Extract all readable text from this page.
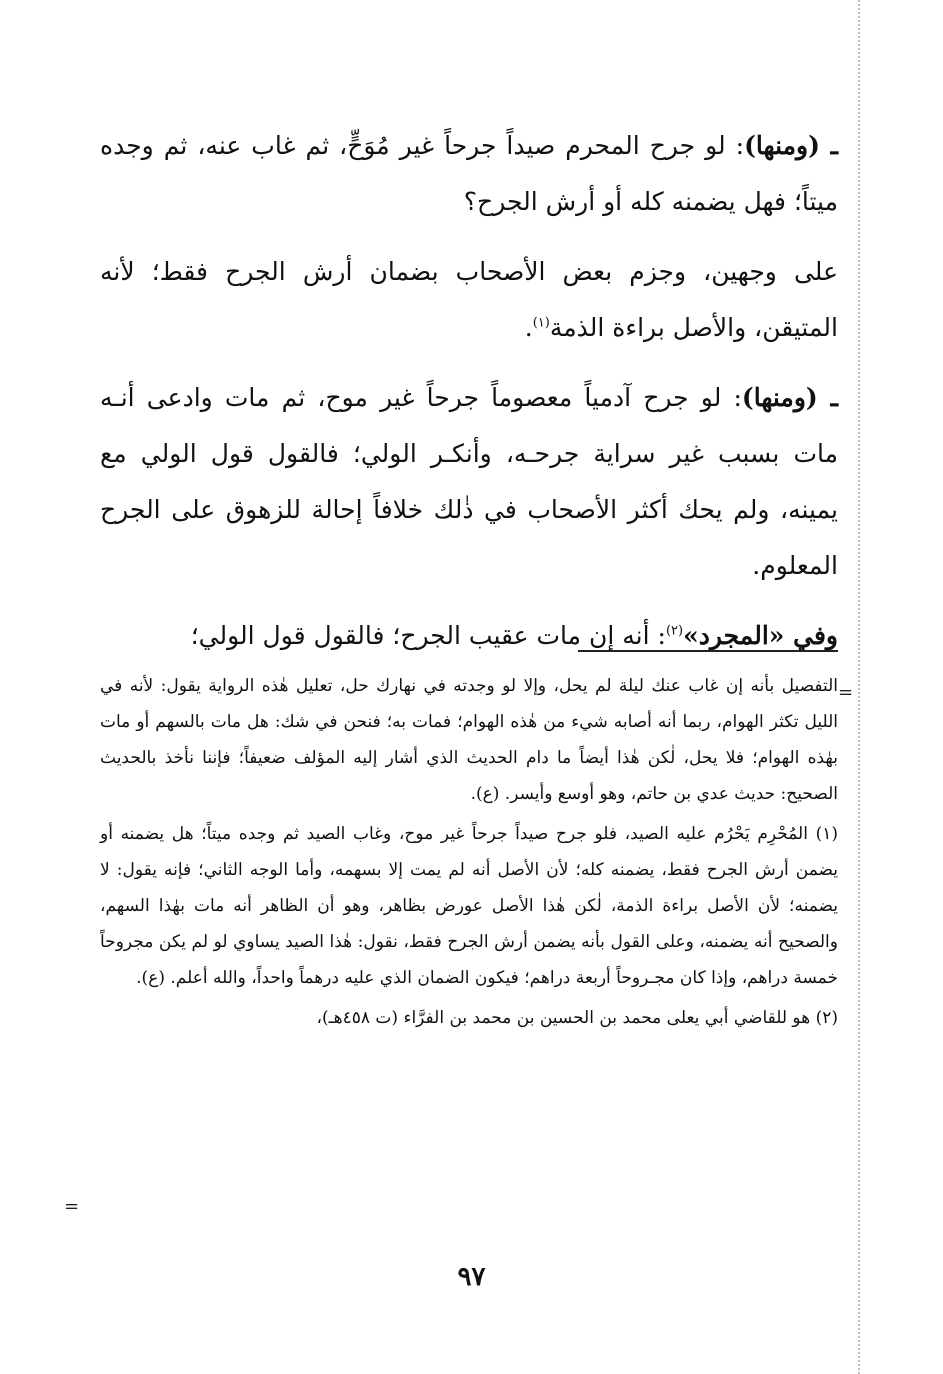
ـ (ومنها): لو جرح المحرم صيداً جرحاً غير مُوَحٍّ، ثم غاب عنه، ثم وجده ميتاً؛ فهل يضمنه كله أو أرش الجرح؟

على وجهين، وجزم بعض الأصحاب بضمان أرش الجرح فقط؛ لأنه المتيقن، والأصل براءة الذمة$^{(١)}$.

ـ (ومنها): لو جرح آدمياً معصوماً جرحاً غير موح، ثم مات وادعى أنـه مات بسبب غير سراية جرحـه، وأنكـر الولي؛ فالقول قول الولي مع يمينه، ولم يحك أكثر الأصحاب في ذٰلك خلافاً إحالة للزهوق على الجرح المعلوم.

وفي «المجرد»$^{(٢)}$: أنه إن مات عقيب الجرح؛ فالقول قول الولي؛

=

التفصيل بأنه إن غاب عنك ليلة لم يحل، وإلا لو وجدته في نهارك حل، تعليل هٰذه الرواية يقول: لأنه في الليل تكثر الهوام، ربما أنه أصابه شيء من هٰذه الهوام؛ فمات به؛ فنحن في شك: هل مات بالسهم أو مات بهٰذه الهوام؛ فلا يحل، لٰكن هٰذا أيضاً ما دام الحديث الذي أشار إليه المؤلف ضعيفاً؛ فإننا نأخذ بالحديث الصحيح: حديث عدي بن حاتم، وهو أوسع وأيسر. (ع).

(١) المُحْرِم يَحْرُم عليه الصيد، فلو جرح صيداً جرحاً غير موح، وغاب الصيد ثم وجده ميتاً؛ هل يضمنه أو يضمن أرش الجرح فقط، يضمنه كله؛ لأن الأصل أنه لم يمت إلا بسهمه، وأما الوجه الثاني؛ فإنه يقول: لا يضمنه؛ لأن الأصل براءة الذمة، لٰكن هٰذا الأصل عورض بظاهر، وهو أن الظاهر أنه مات بهٰذا السهم، والصحيح أنه يضمنه، وعلى القول بأنه يضمن أرش الجرح فقط، نقول: هٰذا الصيد يساوي لو لم يكن مجروحاً خمسة دراهم، وإذا كان مجـروحاً أربعة دراهم؛ فيكون الضمان الذي عليه درهماً واحداً، والله أعلم. (ع).

(٢) هو للقاضي أبي يعلى محمد بن الحسين بن محمد بن الفرَّاء (ت ٤٥٨هـ)،

=
٩٧
